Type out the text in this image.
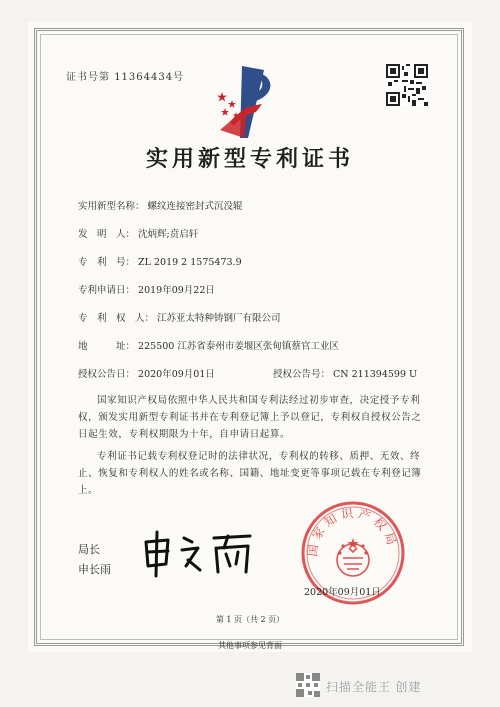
证书号第 11364434号
实用新型专利证书
实用新型名称： 螺纹连接密封式沉没辊
发　明　人： 沈炳辉;贲启轩
专　利　号： ZL 2019 2 1575473.9
专利申请日： 2019年09月22日
专　利　权　人： 江苏亚太特种铸钢厂有限公司
地　　　址： 225500 江苏省泰州市姜堰区张甸镇蔡官工业区
授权公告日： 2020年09月01日	授权公告号： CN 211394599 U
国家知识产权局依照中华人民共和国专利法经过初步审查，决定授予专利权，颁发实用新型专利证书并在专利登记簿上予以登记，专利权自授权公告之日起生效，专利权期限为十年，自申请日起算。
专利证书记载专利权登记时的法律状况，专利权的转移、质押、无效、终止、恢复和专利权人的姓名或名称、国籍、地址变更等事项记载在专利登记簿上。
局长
申长雨
国家知识产权局
2020年09月01日
第 1 页（共 2 页）
其他事项参见背面
扫描全能王 创建
